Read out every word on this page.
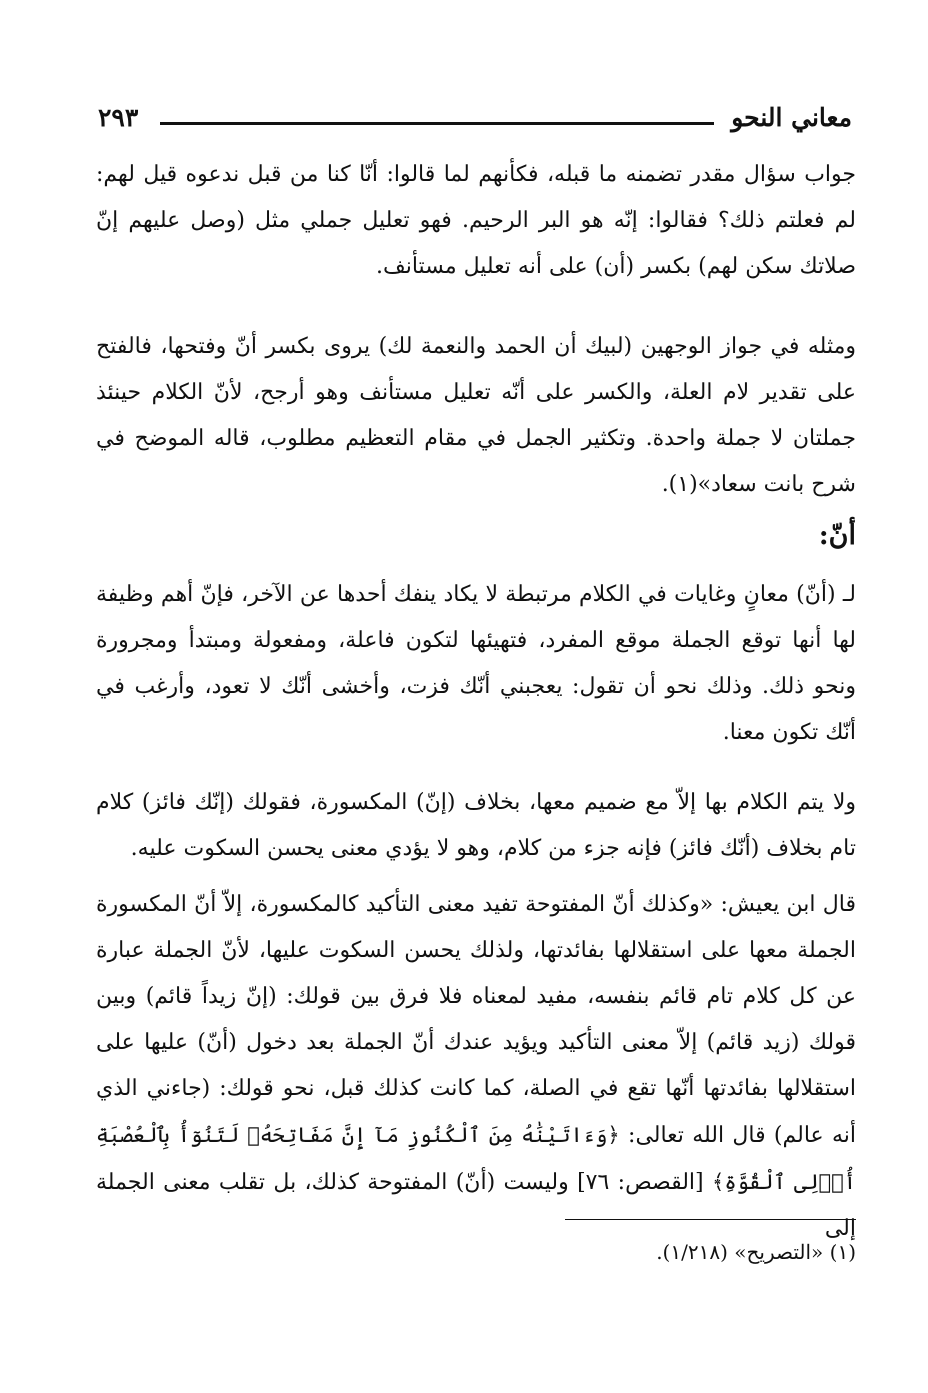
معاني النحو
٢٩٣
جواب سؤال مقدر تضمنه ما قبله، فكأنهم لما قالوا: أنّا كنا من قبل ندعوه قيل لهم: لم فعلتم ذلك؟ فقالوا: إنّه هو البر الرحيم. فهو تعليل جملي مثل (وصل عليهم إنّ صلاتك سكن لهم) بكسر (أن) على أنه تعليل مستأنف.
ومثله في جواز الوجهين (لبيك أن الحمد والنعمة لك) يروى بكسر أنّ وفتحها، فالفتح على تقدير لام العلة، والكسر على أنّه تعليل مستأنف وهو أرجح، لأنّ الكلام حينئذ جملتان لا جملة واحدة. وتكثير الجمل في مقام التعظيم مطلوب، قاله الموضح في شرح بانت سعاد»(١).
أنّ:
لـ (أنّ) معانٍ وغايات في الكلام مرتبطة لا يكاد ينفك أحدها عن الآخر، فإنّ أهم وظيفة لها أنها توقع الجملة موقع المفرد، فتهيئها لتكون فاعلة، ومفعولة ومبتدأ ومجرورة ونحو ذلك. وذلك نحو أن تقول: يعجبني أنّك فزت، وأخشى أنّك لا تعود، وأرغب في أنّك تكون معنا.
ولا يتم الكلام بها إلاّ مع ضميم معها، بخلاف (إنّ) المكسورة، فقولك (إنّك فائز) كلام تام بخلاف (أنّك فائز) فإنه جزء من كلام، وهو لا يؤدي معنى يحسن السكوت عليه.
قال ابن يعيش: «وكذلك أنّ المفتوحة تفيد معنى التأكيد كالمكسورة، إلاّ أنّ المكسورة الجملة معها على استقلالها بفائدتها، ولذلك يحسن السكوت عليها، لأنّ الجملة عبارة عن كل كلام تام قائم بنفسه، مفيد لمعناه فلا فرق بين قولك: (إنّ زيداً قائم) وبين قولك (زيد قائم) إلاّ معنى التأكيد ويؤيد عندك أنّ الجملة بعد دخول (أنّ) عليها على استقلالها بفائدتها أنّها تقع في الصلة، كما كانت كذلك قبل، نحو قولك: (جاءني الذي أنه عالم) قال الله تعالى: ﴿وَءَاتَيْنَٰهُ مِنَ ٱلْكُنُوزِ مَآ إِنَّ مَفَاتِحَهُۥ لَتَنُوٓأُ بِٱلْعُصْبَةِ أُو۟لِى ٱلْقُوَّةِ﴾ [القصص: ٧٦] وليست (أنّ) المفتوحة كذلك، بل تقلب معنى الجملة إلى
(١) «التصريح» (١/٢١٨).
